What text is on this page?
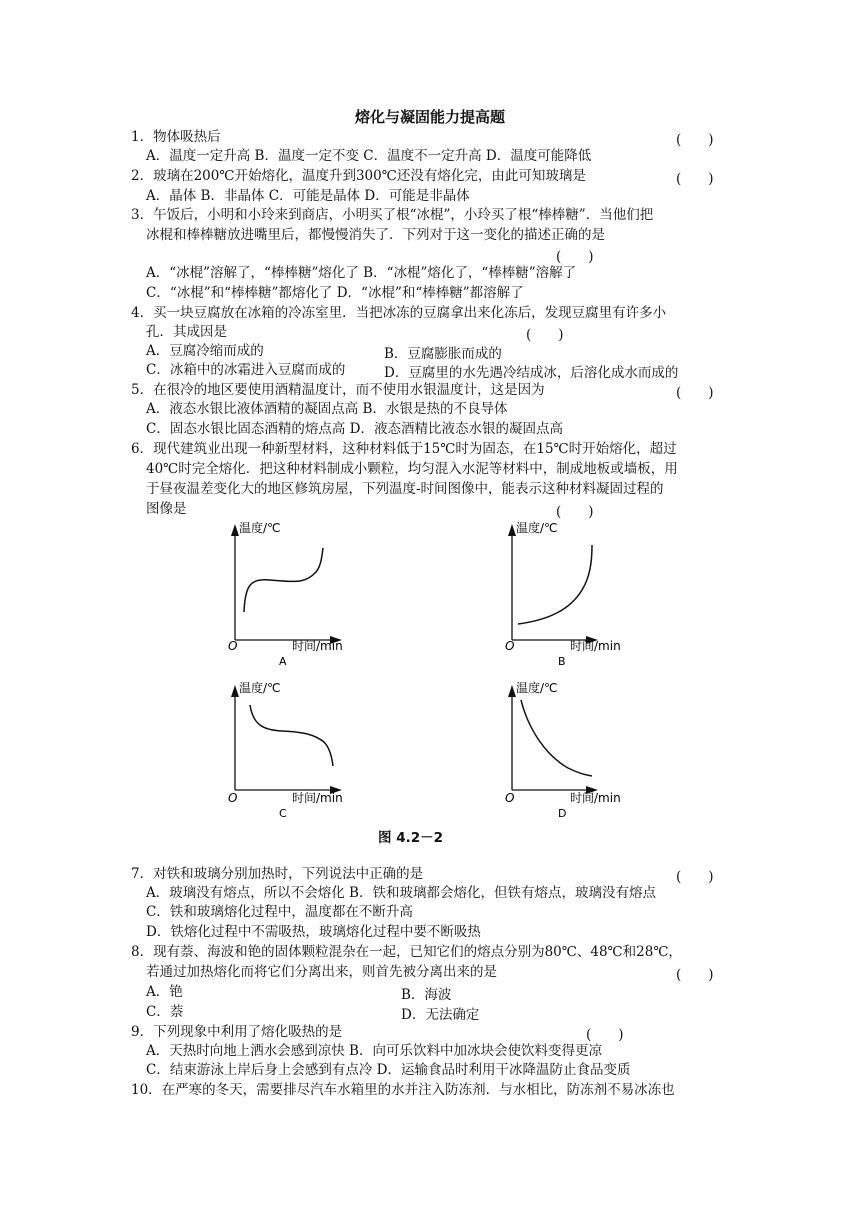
熔化与凝固能力提高题
1．物体吸热后	(　　)
A．温度一定升高 B．温度一定不变 C．温度不一定升高 D．温度可能降低
2．玻璃在200℃开始熔化，温度升到300℃还没有熔化完，由此可知玻璃是	(　　)
A．晶体 B．非晶体 C．可能是晶体 D．可能是非晶体
3．午饭后，小明和小玲来到商店，小明买了根“冰棍”，小玲买了根“棒棒糖”．当他们把
冰棍和棒棒糖放进嘴里后，都慢慢消失了．下列对于这一变化的描述正确的是
(　　)
A．“冰棍”溶解了，“棒棒糖”熔化了 B．“冰棍”熔化了，“棒棒糖”溶解了
C．“冰棍”和“棒棒糖”都熔化了 D．“冰棍”和“棒棒糖”都溶解了
4．买一块豆腐放在冰箱的冷冻室里．当把冰冻的豆腐拿出来化冻后，发现豆腐里有许多小
孔．其成因是	(　　)
A．豆腐冷缩而成的	B．豆腐膨胀而成的
C．冰箱中的冰霜进入豆腐而成的	D．豆腐里的水先遇冷结成冰，后溶化成水而成的
5．在很冷的地区要使用酒精温度计，而不使用水银温度计，这是因为	(　　)
A．液态水银比液体酒精的凝固点高 B．水银是热的不良导体
C．固态水银比固态酒精的熔点高 D．液态酒精比液态水银的凝固点高
6．现代建筑业出现一种新型材料，这种材料低于15℃时为固态，在15℃时开始熔化，超过
40℃时完全熔化．把这种材料制成小颗粒，均匀混入水泥等材料中，制成地板或墙板，用
于昼夜温差变化大的地区修筑房屋，下列温度-时间图像中，能表示这种材料凝固过程的
图像是	(　　)
温度/℃
O	时间/min
A
温度/℃
O	时间/min
B
温度/℃
O	时间/min
C
温度/℃
O	时间/min
D
图 4.2－2
7．对铁和玻璃分别加热时，下列说法中正确的是	(　　)
A．玻璃没有熔点，所以不会熔化 B．铁和玻璃都会熔化，但铁有熔点，玻璃没有熔点
C．铁和玻璃熔化过程中，温度都在不断升高
D．铁熔化过程中不需吸热，玻璃熔化过程中要不断吸热
8．现有萘、海波和铯的固体颗粒混杂在一起，已知它们的熔点分别为80℃、48℃和28℃，
若通过加热熔化而将它们分离出来，则首先被分离出来的是	(　　)
A．铯	B．海波
C．萘	D．无法确定
9．下列现象中利用了熔化吸热的是	(　　)
A．天热时向地上洒水会感到凉快 B．向可乐饮料中加冰块会使饮料变得更凉
C．结束游泳上岸后身上会感到有点冷 D．运输食品时利用干冰降温防止食品变质
10．在严寒的冬天，需要排尽汽车水箱里的水并注入防冻剂．与水相比，防冻剂不易冰冻也
